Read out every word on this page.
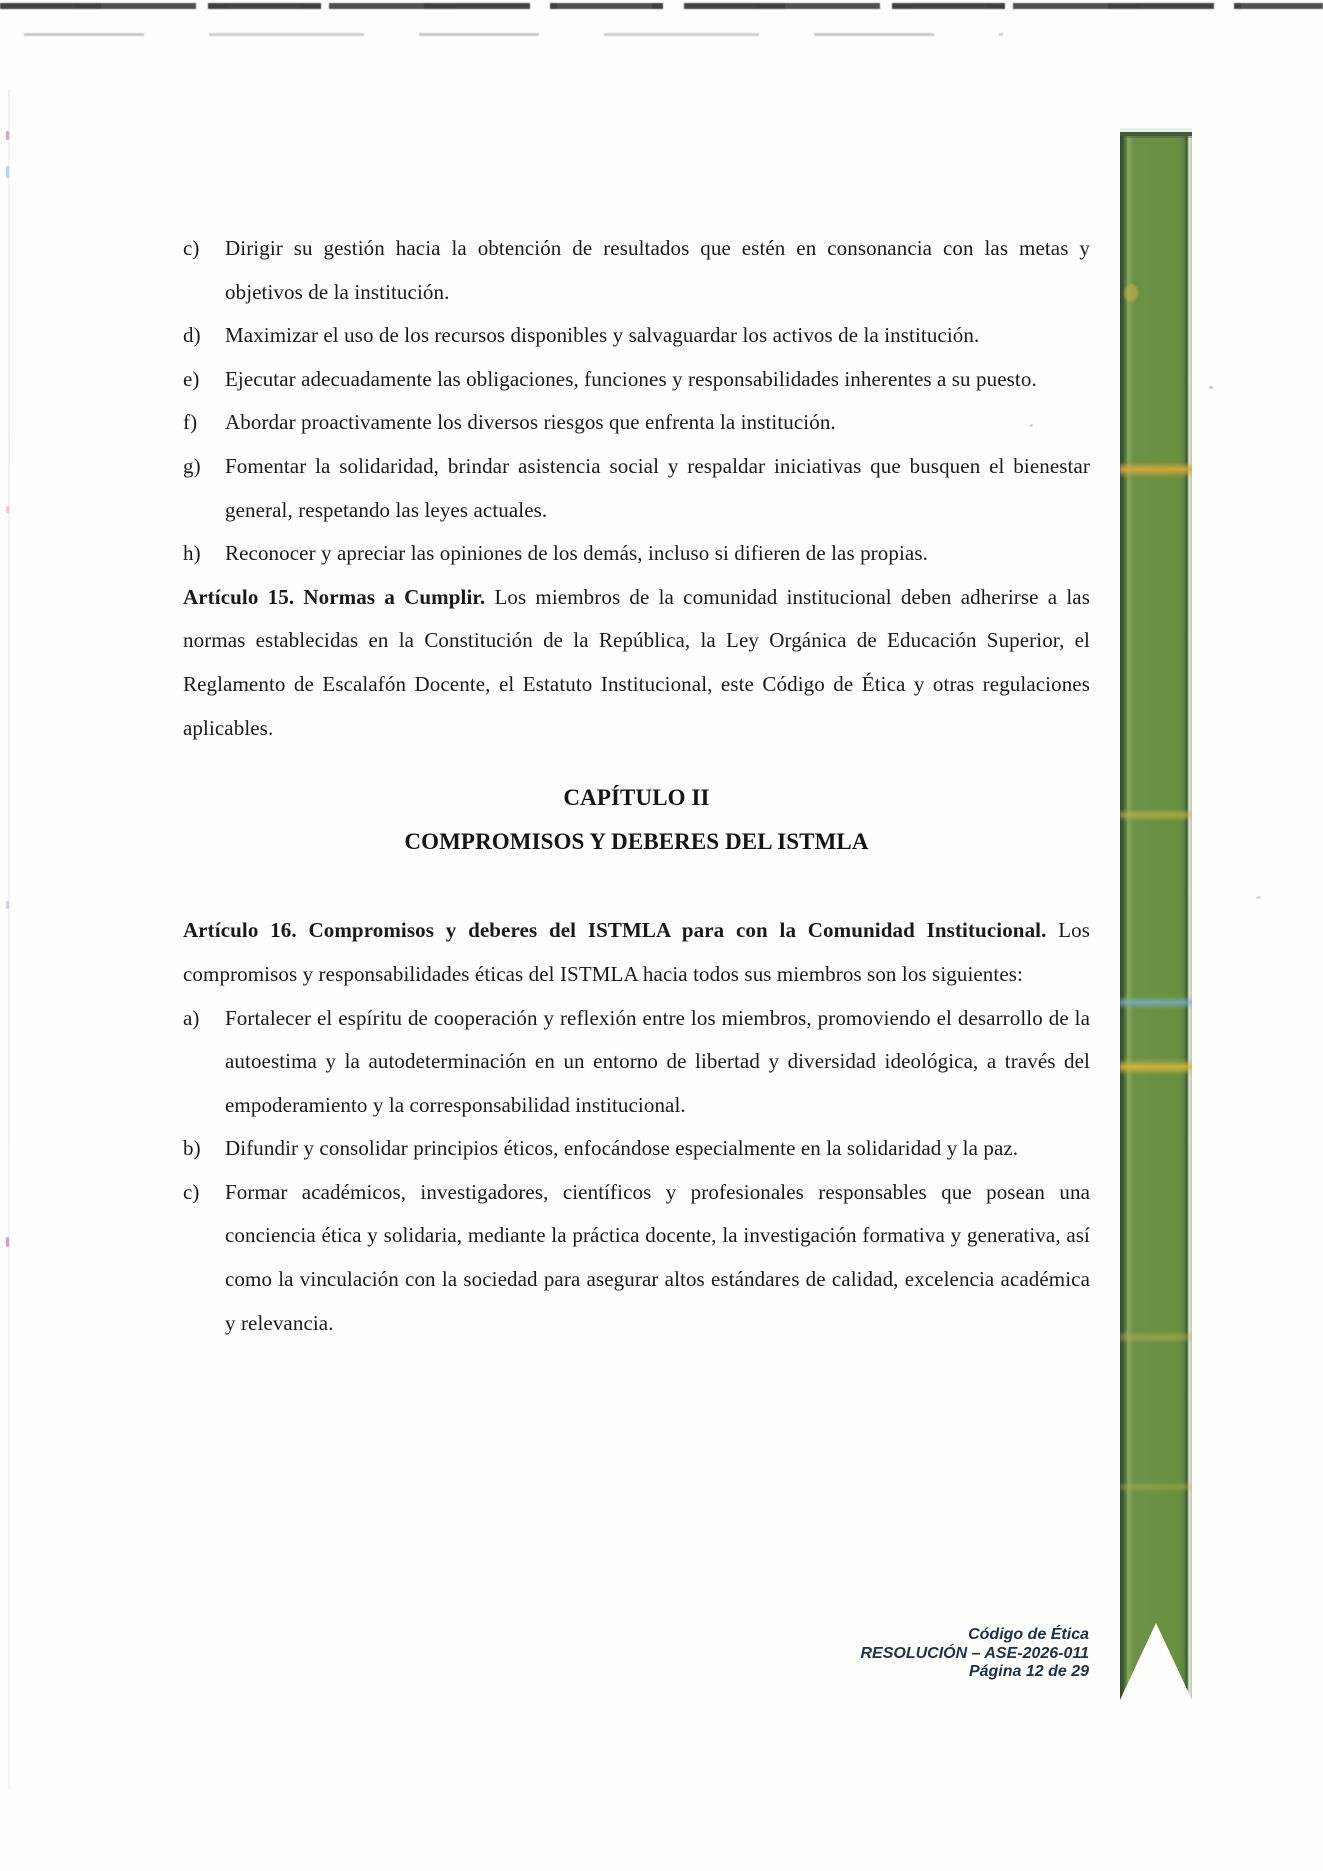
c) Dirigir su gestión hacia la obtención de resultados que estén en consonancia con las metas y objetivos de la institución.
d) Maximizar el uso de los recursos disponibles y salvaguardar los activos de la institución.
e) Ejecutar adecuadamente las obligaciones, funciones y responsabilidades inherentes a su puesto.
f) Abordar proactivamente los diversos riesgos que enfrenta la institución.
g) Fomentar la solidaridad, brindar asistencia social y respaldar iniciativas que busquen el bienestar general, respetando las leyes actuales.
h) Reconocer y apreciar las opiniones de los demás, incluso si difieren de las propias.

Artículo 15. Normas a Cumplir. Los miembros de la comunidad institucional deben adherirse a las normas establecidas en la Constitución de la República, la Ley Orgánica de Educación Superior, el Reglamento de Escalafón Docente, el Estatuto Institucional, este Código de Ética y otras regulaciones aplicables.

CAPÍTULO II
COMPROMISOS Y DEBERES DEL ISTMLA

Artículo 16. Compromisos y deberes del ISTMLA para con la Comunidad Institucional. Los compromisos y responsabilidades éticas del ISTMLA hacia todos sus miembros son los siguientes:

a) Fortalecer el espíritu de cooperación y reflexión entre los miembros, promoviendo el desarrollo de la autoestima y la autodeterminación en un entorno de libertad y diversidad ideológica, a través del empoderamiento y la corresponsabilidad institucional.
b) Difundir y consolidar principios éticos, enfocándose especialmente en la solidaridad y la paz.
c) Formar académicos, investigadores, científicos y profesionales responsables que posean una conciencia ética y solidaria, mediante la práctica docente, la investigación formativa y generativa, así como la vinculación con la sociedad para asegurar altos estándares de calidad, excelencia académica y relevancia.
Código de Ética
RESOLUCIÓN – ASE-2026-011
Página 12 de 29
